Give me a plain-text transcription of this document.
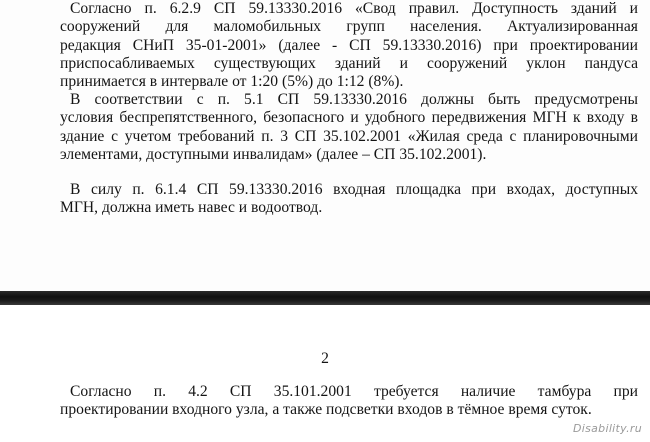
Согласно п. 6.2.9 СП 59.13330.2016 «Свод правил. Доступность зданий и
сооружений для маломобильных групп населения. Актуализированная
редакция СНиП 35-01-2001» (далее - СП 59.13330.2016) при проектировании
приспосабливаемых существующих зданий и сооружений уклон пандуса
принимается в интервале от 1:20 (5%) до 1:12 (8%).

В соответствии с п. 5.1 СП 59.13330.2016 должны быть предусмотрены
условия беспрепятственного, безопасного и удобного передвижения МГН к входу в
здание с учетом требований п. 3 СП 35.102.2001 «Жилая среда с планировочными
элементами, доступными инвалидам» (далее – СП 35.102.2001).

В силу п. 6.1.4 СП 59.13330.2016 входная площадка при входах, доступных
МГН, должна иметь навес и водоотвод.

2

Согласно п. 4.2 СП 35.101.2001 требуется наличие тамбура при
проектировании входного узла, а также подсветки входов в тёмное время суток.

Disability.ru
